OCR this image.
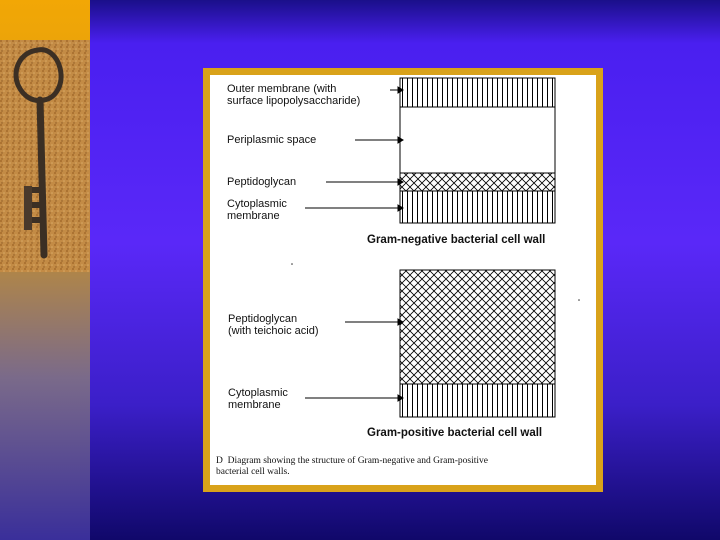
Outer membrane (with
surface lipopolysaccharide)
Periplasmic space
Peptidoglycan
Cytoplasmic
membrane
Gram-negative bacterial cell wall
Peptidoglycan
(with teichoic acid)
Cytoplasmic
membrane
Gram-positive bacterial cell wall
D Diagram showing the structure of Gram-negative and Gram-positive
bacterial cell walls.
